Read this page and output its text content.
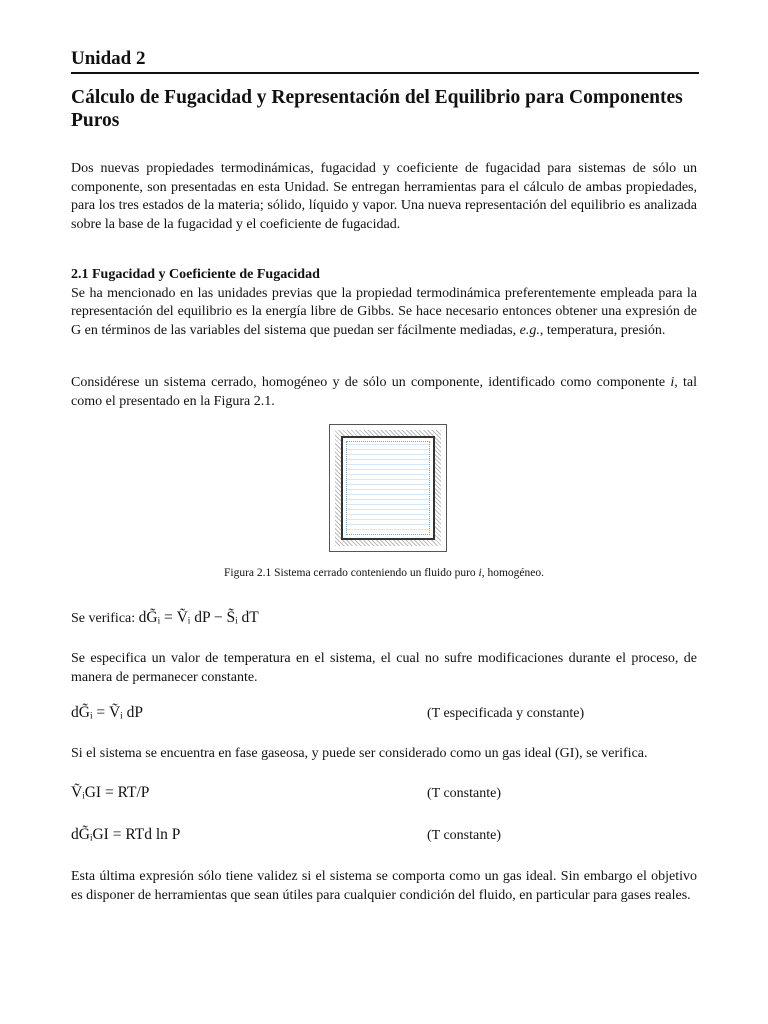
Unidad 2
Cálculo de Fugacidad y Representación del Equilibrio para Componentes Puros

Dos nuevas propiedades termodinámicas, fugacidad y coeficiente de fugacidad para sistemas de sólo un componente, son presentadas en esta Unidad. Se entregan herramientas para el cálculo de ambas propiedades, para los tres estados de la materia; sólido, líquido y vapor. Una nueva representación del equilibrio es analizada sobre la base de la fugacidad y el coeficiente de fugacidad.

2.1 Fugacidad y Coeficiente de Fugacidad
Se ha mencionado en las unidades previas que la propiedad termodinámica preferentemente empleada para la representación del equilibrio es la energía libre de Gibbs. Se hace necesario entonces obtener una expresión de G en términos de las variables del sistema que puedan ser fácilmente mediadas, e.g., temperatura, presión.
Considérese un sistema cerrado, homogéneo y de sólo un componente, identificado como componente i, tal como el presentado en la Figura 2.1.
Figura 2.1 Sistema cerrado conteniendo un fluido puro i, homogéneo.
Se verifica: dG̃ᵢ = Ṽᵢ dP − S̃ᵢ dT

Se especifica un valor de temperatura en el sistema, el cual no sufre modificaciones durante el proceso, de manera de permanecer constante.

dG̃ᵢ = Ṽᵢ dP	(T especificada y constante)

Si el sistema se encuentra en fase gaseosa, y puede ser considerado como un gas ideal (GI), se verifica.

ṼᵢGI = RT/P	(T constante)
dG̃ᵢGI = RTd ln P	(T constante)

Esta última expresión sólo tiene validez si el sistema se comporta como un gas ideal. Sin embargo el objetivo es disponer de herramientas que sean útiles para cualquier condición del fluido, en particular para gases reales.
